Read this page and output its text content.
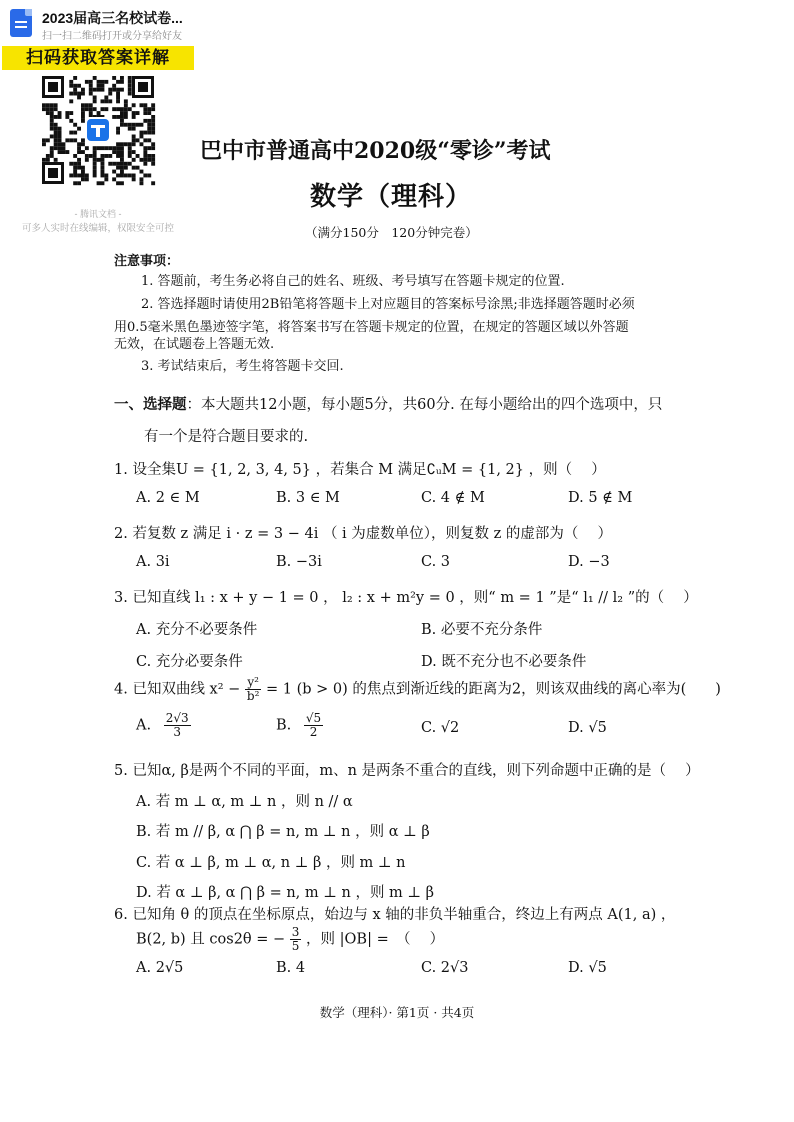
2023届高三名校试卷...
扫一扫二维码打开或分享给好友
扫码获取答案详解
- 腾讯文档 -
可多人实时在线编辑，权限安全可控
巴中市普通高中2020级“零诊”考试
数学（理科）
（满分150分　120分钟完卷）
注意事项：
1. 答题前，考生务必将自己的姓名、班级、考号填写在答题卡规定的位置.
2. 答选择题时请使用2B铅笔将答题卡上对应题目的答案标号涂黑;非选择题答题时必须
用0.5毫米黑色墨迹签字笔，将答案书写在答题卡规定的位置，在规定的答题区域以外答题
无效，在试题卷上答题无效.
3. 考试结束后，考生将答题卡交回.
一、选择题：本大题共12小题，每小题5分，共60分. 在每小题给出的四个选项中，只
有一个是符合题目要求的.
1. 设全集U = {1, 2, 3, 4, 5} ，若集合 M 满足∁ᵤM = {1, 2} ，则（　 ）
A. 2 ∈ M	B. 3 ∈ M	C. 4 ∉ M	D. 5 ∉ M
2. 若复数 z 满足 i · z = 3 − 4i （ i 为虚数单位），则复数 z 的虚部为（　 ）
A. 3i	B. −3i	C. 3	D. −3
3. 已知直线 l₁ : x + y − 1 = 0 ， l₂ : x + m²y = 0 ，则“ m = 1 ”是“ l₁ // l₂ ”的（　 ）
A. 充分不必要条件	B. 必要不充分条件
C. 充分必要条件	D. 既不充分也不必要条件
4. 已知双曲线 $x^2 - \frac{\text{y²}}{\text{b²}} = 1$ (b > 0) 的焦点到渐近线的距离为2，则该双曲线的离心率为(　　)
A. $\frac{2√3}{3}$	B. $\frac{√5}{2}$	C. √2	D. √5
5. 已知α, β是两个不同的平面，m、n 是两条不重合的直线，则下列命题中正确的是（　 ）
A. 若 m ⊥ α, m ⊥ n ，则 n // α
B. 若 m // β, α ⋂ β = n, m ⊥ n ，则 α ⊥ β
C. 若 α ⊥ β, m ⊥ α, n ⊥ β ，则 m ⊥ n
D. 若 α ⊥ β, α ⋂ β = n, m ⊥ n ，则 m ⊥ β
6. 已知角 θ 的顶点在坐标原点，始边与 x 轴的非负半轴重合，终边上有两点 A(1, a) ，
B(2, b) 且 cos2θ = − $\frac{3}{5}$ ，则 |OB| =　（　 ）
A. 2√5	B. 4	C. 2√3	D. √5
数学（理科）· 第1页 · 共4页
